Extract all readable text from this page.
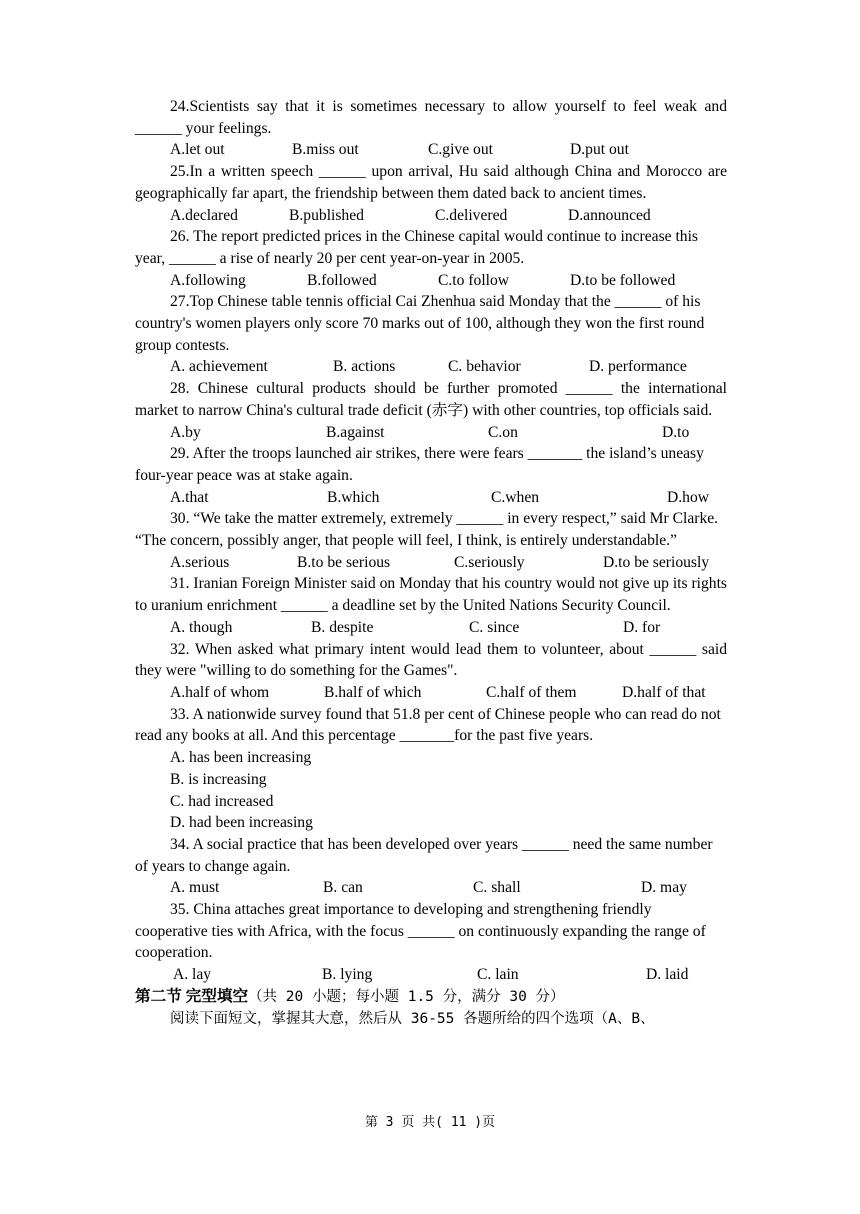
24.Scientists say that it is sometimes necessary to allow yourself to feel weak and ______ your feelings.
A.let out	B.miss out	C.give out	D.put out
25.In a written speech ______ upon arrival, Hu said although China and Morocco are geographically far apart, the friendship between them dated back to ancient times.
A.declared	B.published	C.delivered	D.announced
26. The report predicted prices in the Chinese capital would continue to increase this year, ______ a rise of nearly 20 per cent year-on-year in 2005.
A.following	B.followed	C.to follow	D.to be followed
27.Top Chinese table tennis official Cai Zhenhua said Monday that the ______ of his country's women players only score 70 marks out of 100, although they won the first round group contests.
A. achievement	B. actions	C. behavior	D. performance
28. Chinese cultural products should be further promoted ______ the international market to narrow China's cultural trade deficit (赤字) with other countries, top officials said.
A.by	B.against	C.on	D.to
29. After the troops launched air strikes, there were fears _______ the island’s uneasy four-year peace was at stake again.
A.that	B.which	C.when	D.how
30. “We take the matter extremely, extremely ______ in every respect,” said Mr Clarke. “The concern, possibly anger, that people will feel, I think, is entirely understandable.”
A.serious	B.to be serious	C.seriously	D.to be seriously
31. Iranian Foreign Minister said on Monday that his country would not give up its rights to uranium enrichment ______ a deadline set by the United Nations Security Council.
A. though	B. despite	C. since	D. for
32. When asked what primary intent would lead them to volunteer, about ______ said they were "willing to do something for the Games".
A.half of whom	B.half of which	C.half of them	D.half of that
33. A nationwide survey found that 51.8 per cent of Chinese people who can read do not read any books at all. And this percentage _______for the past five years.
A. has been increasing
B. is increasing
C. had increased
D. had been increasing
34. A social practice that has been developed over years ______ need the same number of years to change again.
A. must	B. can	C. shall	D. may
35. China attaches great importance to developing and strengthening friendly cooperative ties with Africa, with the focus ______ on continuously expanding the range of cooperation.
A. lay	B. lying	C. lain	D. laid
第二节 完型填空（共 20 小题；每小题 1.5 分，满分 30 分）
阅读下面短文，掌握其大意，然后从 36-55 各题所给的四个选项（A、B、
第 3 页 共( 11 )页
